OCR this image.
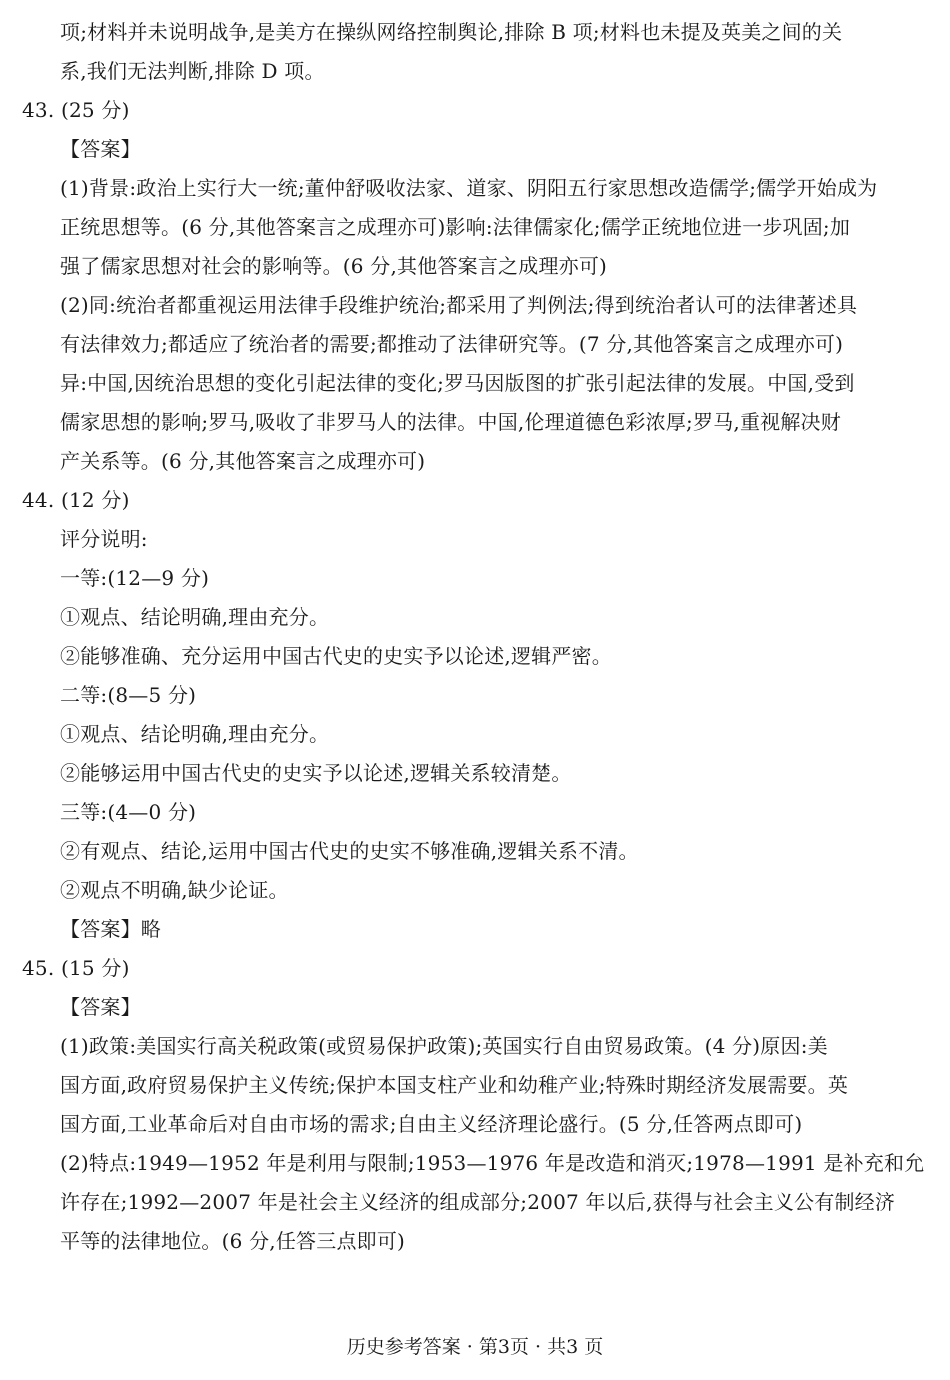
项;材料并未说明战争,是美方在操纵网络控制舆论,排除 B 项;材料也未提及英美之间的关
系,我们无法判断,排除 D 项。
43. (25 分)
【答案】
(1)背景:政治上实行大一统;董仲舒吸收法家、道家、阴阳五行家思想改造儒学;儒学开始成为
正统思想等。(6 分,其他答案言之成理亦可)影响:法律儒家化;儒学正统地位进一步巩固;加
强了儒家思想对社会的影响等。(6 分,其他答案言之成理亦可)
(2)同:统治者都重视运用法律手段维护统治;都采用了判例法;得到统治者认可的法律著述具
有法律效力;都适应了统治者的需要;都推动了法律研究等。(7 分,其他答案言之成理亦可)
异:中国,因统治思想的变化引起法律的变化;罗马因版图的扩张引起法律的发展。中国,受到
儒家思想的影响;罗马,吸收了非罗马人的法律。中国,伦理道德色彩浓厚;罗马,重视解决财
产关系等。(6 分,其他答案言之成理亦可)
44. (12 分)
评分说明:
一等:(12—9 分)
①观点、结论明确,理由充分。
②能够准确、充分运用中国古代史的史实予以论述,逻辑严密。
二等:(8—5 分)
①观点、结论明确,理由充分。
②能够运用中国古代史的史实予以论述,逻辑关系较清楚。
三等:(4—0 分)
②有观点、结论,运用中国古代史的史实不够准确,逻辑关系不清。
②观点不明确,缺少论证。
【答案】略
45. (15 分)
【答案】
(1)政策:美国实行高关税政策(或贸易保护政策);英国实行自由贸易政策。(4 分)原因:美
国方面,政府贸易保护主义传统;保护本国支柱产业和幼稚产业;特殊时期经济发展需要。英
国方面,工业革命后对自由市场的需求;自由主义经济理论盛行。(5 分,任答两点即可)
(2)特点:1949—1952 年是利用与限制;1953—1976 年是改造和消灭;1978—1991 是补充和允
许存在;1992—2007 年是社会主义经济的组成部分;2007 年以后,获得与社会主义公有制经济
平等的法律地位。(6 分,任答三点即可)
历史参考答案 · 第3页 · 共3 页
